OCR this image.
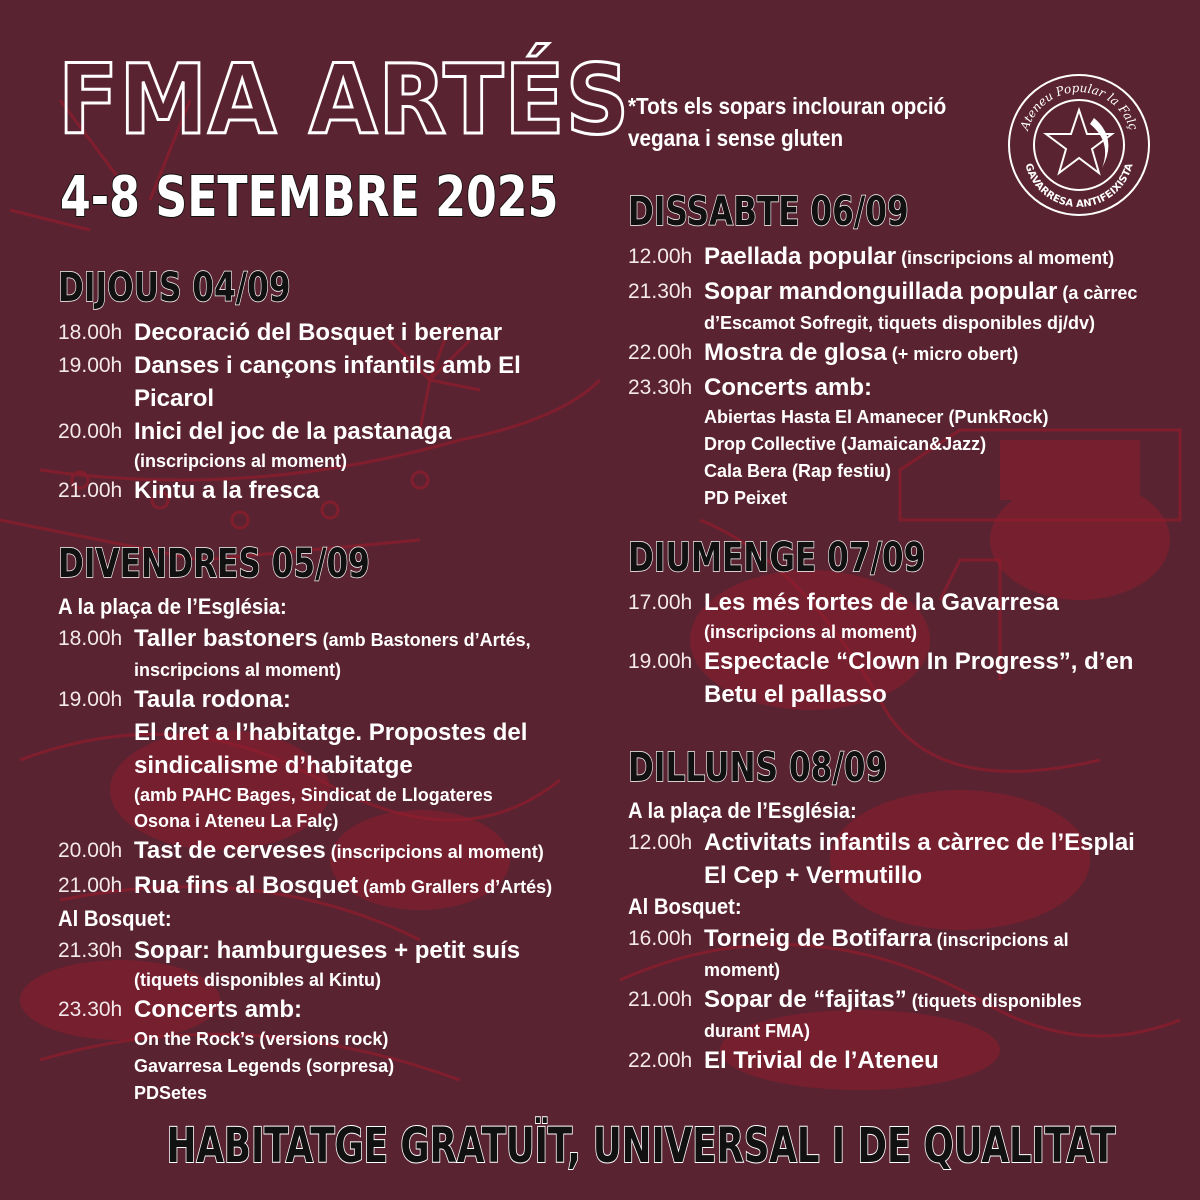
FMA ARTÉS
4-8 SETEMBRE 2025
*Tots els sopars inclouran opció
vegana i sense gluten	Ateneu Popular la Falç
GAVARRESA ANTIFEIXISTA
DIJOUS 04/09
18.00h Decoració del Bosquet i berenar
19.00h Danses i cançons infantils amb El Picarol
20.00h Inici del joc de la pastanaga
(inscripcions al moment)
21.00h Kintu a la fresca
DIVENDRES 05/09
A la plaça de l’Església:
18.00h Taller bastoners (amb Bastoners d’Artés,
inscripcions al moment)
19.00h Taula rodona:
El dret a l’habitatge. Propostes del sindicalisme d’habitatge
(amb PAHC Bages, Sindicat de Llogateres Osona i Ateneu La Falç)
20.00h Tast de cerveses (inscripcions al moment)
21.00h Rua fins al Bosquet (amb Grallers d’Artés)
Al Bosquet:
21.30h Sopar: hamburgueses + petit suís
(tiquets disponibles al Kintu)
23.30h Concerts amb:
On the Rock’s (versions rock)
Gavarresa Legends (sorpresa)
PDSetes
DISSABTE 06/09
12.00h Paellada popular (inscripcions al moment)
21.30h Sopar mandonguillada popular (a càrrec
d’Escamot Sofregit, tiquets disponibles dj/dv)
22.00h Mostra de glosa (+ micro obert)
23.30h Concerts amb:
Abiertas Hasta El Amanecer (PunkRock)
Drop Collective (Jamaican&Jazz)
Cala Bera (Rap festiu)
PD Peixet
DIUMENGE 07/09
17.00h Les més fortes de la Gavarresa
(inscripcions al moment)
19.00h Espectacle “Clown In Progress”, d’en Betu el pallasso
DILLUNS 08/09
A la plaça de l’Església:
12.00h Activitats infantils a càrrec de l’Esplai El Cep + Vermutillo
Al Bosquet:
16.00h Torneig de Botifarra (inscripcions al
moment)
21.00h Sopar de “fajitas” (tiquets disponibles
durant FMA)
22.00h El Trivial de l’Ateneu
HABITATGE GRATUÏT, UNIVERSAL I DE QUALITAT
